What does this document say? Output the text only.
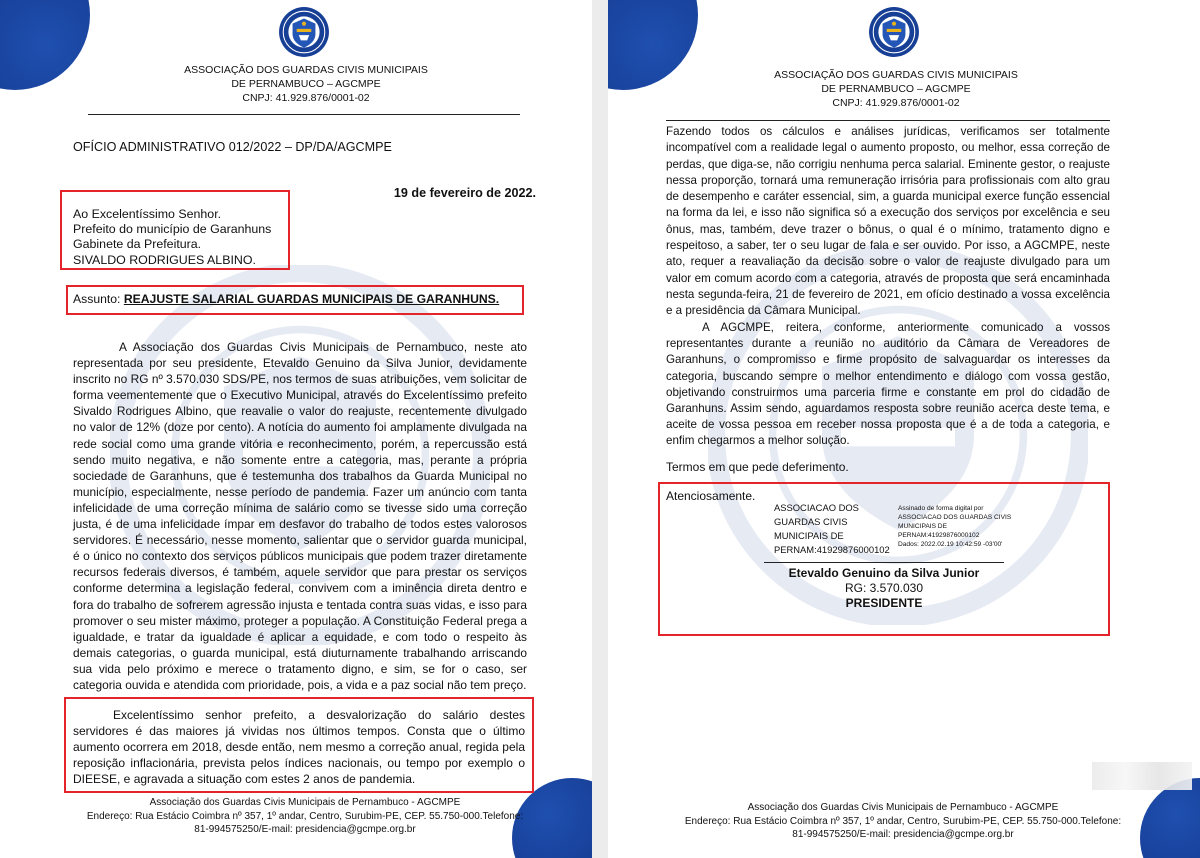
ASSOCIAÇÃO DOS GUARDAS CIVIS MUNICIPAIS
DE PERNAMBUCO – AGCMPE
CNPJ: 41.929.876/0001-02
OFÍCIO ADMINISTRATIVO 012/2022 – DP/DA/AGCMPE
19 de fevereiro de 2022.
Ao Excelentíssimo Senhor.
Prefeito do município de Garanhuns
Gabinete da Prefeitura.
SIVALDO RODRIGUES ALBINO.
Assunto: REAJUSTE SALARIAL GUARDAS MUNICIPAIS DE GARANHUNS.
A Associação dos Guardas Civis Municipais de Pernambuco, neste ato representada por seu presidente, Etevaldo Genuino da Silva Junior, devidamente inscrito no RG nº 3.570.030 SDS/PE, nos termos de suas atribuições, vem solicitar de forma veementemente que o Executivo Municipal, através do Excelentíssimo prefeito Sivaldo Rodrigues Albino, que reavalie o valor do reajuste, recentemente divulgado no valor de 12% (doze por cento). A notícia do aumento foi amplamente divulgada na rede social como uma grande vitória e reconhecimento, porém, a repercussão está sendo muito negativa, e não somente entre a categoria, mas, perante a própria sociedade de Garanhuns, que é testemunha dos trabalhos da Guarda Municipal no município, especialmente, nesse período de pandemia. Fazer um anúncio com tanta infelicidade de uma correção mínima de salário como se tivesse sido uma correção justa, é de uma infelicidade ímpar em desfavor do trabalho de todos estes valorosos servidores. É necessário, nesse momento, salientar que o servidor guarda municipal, é o único no contexto dos serviços públicos municipais que podem trazer diretamente recursos federais diversos, é também, aquele servidor que para prestar os serviços conforme determina a legislação federal, convivem com a iminência direta dentro e fora do trabalho de sofrerem agressão injusta e tentada contra suas vidas, e isso para promover o seu mister máximo, proteger a população. A Constituição Federal prega a igualdade, e tratar da igualdade é aplicar a equidade, e com todo o respeito às demais categorias, o guarda municipal, está diuturnamente trabalhando arriscando sua vida pelo próximo e merece o tratamento digno, e sim, se for o caso, ser categoria ouvida e atendida com prioridade, pois, a vida e a paz social não tem preço.
Excelentíssimo senhor prefeito, a desvalorização do salário destes servidores é das maiores já vividas nos últimos tempos. Consta que o último aumento ocorrera em 2018, desde então, nem mesmo a correção anual, regida pela reposição inflacionária, prevista pelos índices nacionais, ou tempo por exemplo o DIEESE, e agravada a situação com estes 2 anos de pandemia.
Associação dos Guardas Civis Municipais de Pernambuco - AGCMPE
Endereço: Rua Estácio Coimbra nº 357, 1º andar, Centro, Surubim-PE, CEP. 55.750-000.Telefone:
81-994575250/E-mail: presidencia@gcmpe.org.br
ASSOCIAÇÃO DOS GUARDAS CIVIS MUNICIPAIS
DE PERNAMBUCO – AGCMPE
CNPJ: 41.929.876/0001-02
Fazendo todos os cálculos e análises jurídicas, verificamos ser totalmente incompatível com a realidade legal o aumento proposto, ou melhor, essa correção de perdas, que diga-se, não corrigiu nenhuma perca salarial. Eminente gestor, o reajuste nessa proporção, tornará uma remuneração irrisória para profissionais com alto grau de desempenho e caráter essencial, sim, a guarda municipal exerce função essencial na forma da lei, e isso não significa só a execução dos serviços por excelência e seu ônus, mas, também, deve trazer o bônus, o qual é o mínimo, tratamento digno e respeitoso, a saber, ter o seu lugar de fala e ser ouvido. Por isso, a AGCMPE, neste ato, requer a reavaliação da decisão sobre o valor de reajuste divulgado para um valor em comum acordo com a categoria, através de proposta que será encaminhada nesta segunda-feira, 21 de fevereiro de 2021, em ofício destinado a vossa excelência e a presidência da Câmara Municipal.
A AGCMPE, reitera, conforme, anteriormente comunicado a vossos representantes durante a reunião no auditório da Câmara de Vereadores de Garanhuns, o compromisso e firme propósito de salvaguardar os interesses da categoria, buscando sempre o melhor entendimento e diálogo com vossa gestão, objetivando construirmos uma parceria firme e constante em prol do cidadão de Garanhuns. Assim sendo, aguardamos resposta sobre reunião acerca deste tema, e aceite de vossa pessoa em receber nossa proposta que é a de toda a categoria, e enfim chegarmos a melhor solução.
Termos em que pede deferimento.
Atenciosamente.
ASSOCIACAO DOS
GUARDAS CIVIS
MUNICIPAIS DE
PERNAM:41929876000102
Assinado de forma digital por
ASSOCIACAO DOS GUARDAS CIVIS
MUNICIPAIS DE
PERNAM:41929876000102
Dados: 2022.02.19 10:42:59 -03'00'
Etevaldo Genuino da Silva Junior
RG: 3.570.030
PRESIDENTE
Associação dos Guardas Civis Municipais de Pernambuco - AGCMPE
Endereço: Rua Estácio Coimbra nº 357, 1º andar, Centro, Surubim-PE, CEP. 55.750-000.Telefone:
81-994575250/E-mail: presidencia@gcmpe.org.br
